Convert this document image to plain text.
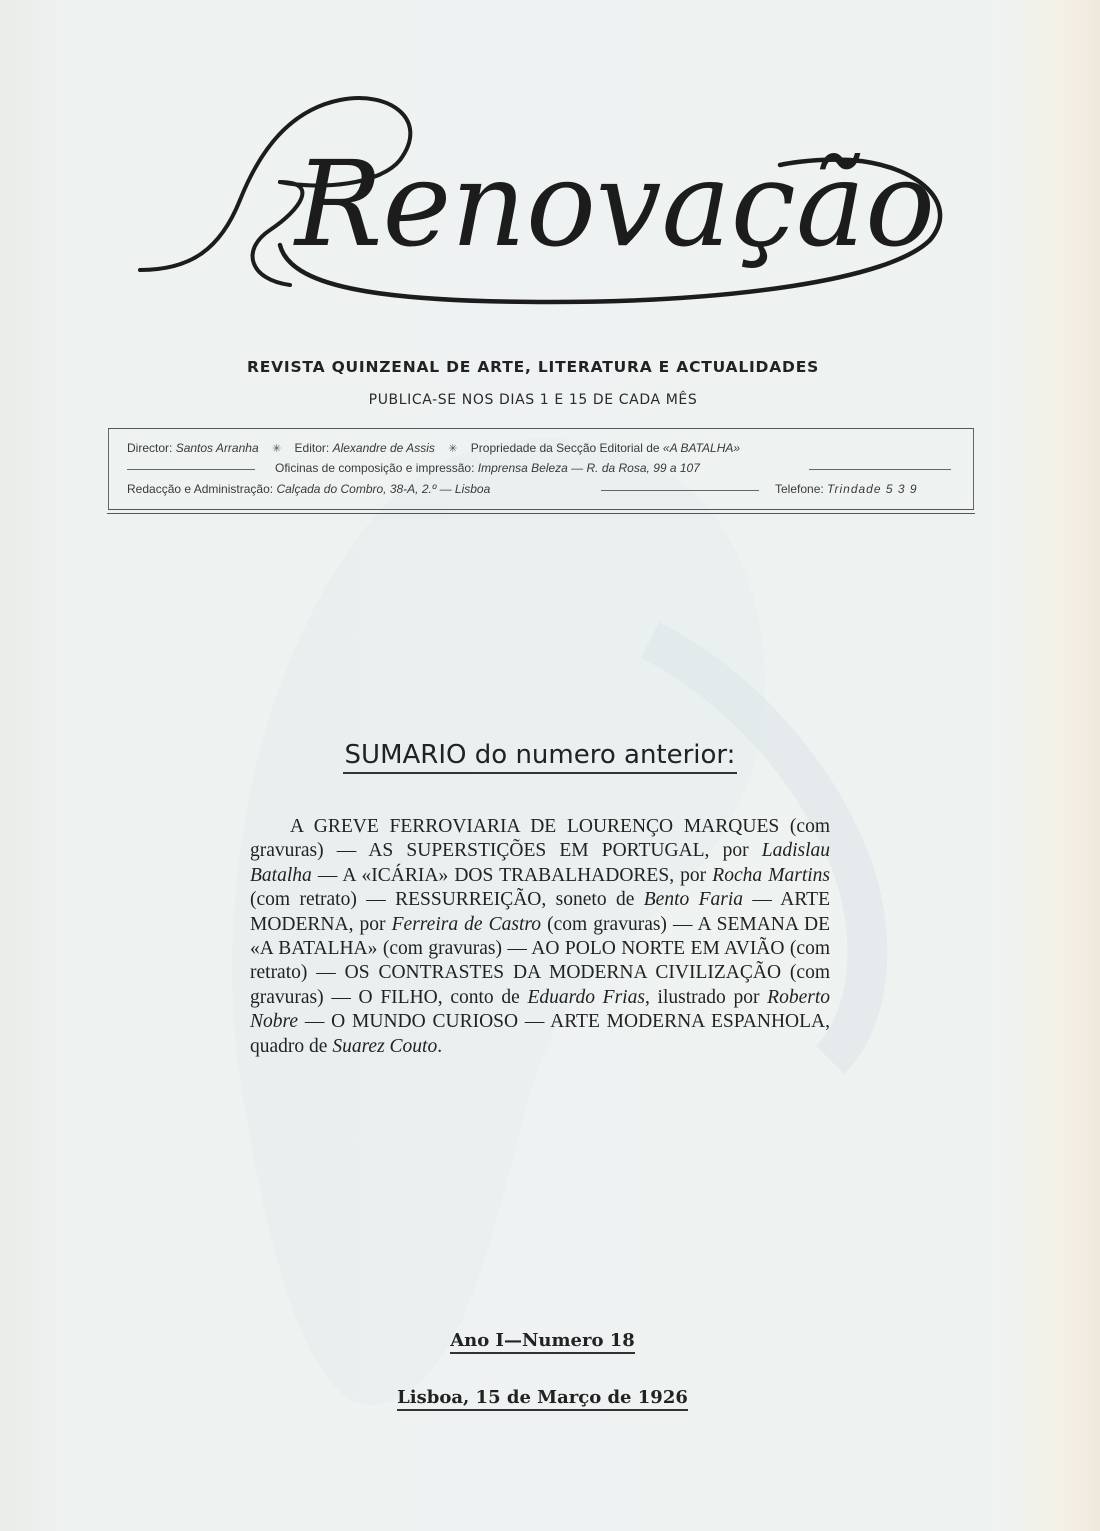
Renovação
REVISTA QUINZENAL DE ARTE, LITERATURA E ACTUALIDADES
PUBLICA-SE NOS DIAS 1 E 15 DE CADA MÊS
Director: Santos Arranha ✳ Editor: Alexandre de Assis ✳ Propriedade da Secção Editorial de «A BATALHA»
Oficinas de composição e impressão: Imprensa Beleza — R. da Rosa, 99 a 107
Redacção e Administração: Calçada do Combro, 38-A, 2.º — Lisboa	Telefone: Trindade 5 3 9
SUMARIO do numero anterior:
A GREVE FERROVIARIA DE LOURENÇO MARQUES (com gravuras) — AS SUPERSTIÇÕES EM PORTUGAL, por Ladislau Batalha — A «ICÁRIA» DOS TRABALHADORES, por Rocha Martins (com retrato) — RESSURREIÇÃO, soneto de Bento Faria — ARTE MODERNA, por Ferreira de Castro (com gravuras) — A SEMANA DE «A BATALHA» (com gravuras) — AO POLO NORTE EM AVIÃO (com retrato) — OS CONTRASTES DA MODERNA CIVILIZAÇÃO (com gravuras) — O FILHO, conto de Eduardo Frias, ilustrado por Roberto Nobre — O MUNDO CURIOSO — ARTE MODERNA ESPANHOLA, quadro de Suarez Couto.
Ano I—Numero 18
Lisboa, 15 de Março de 1926
